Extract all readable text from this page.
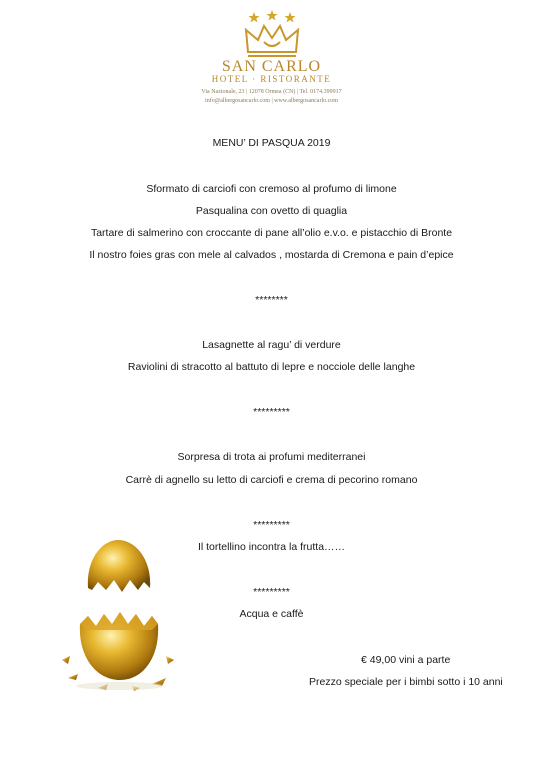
SAN CARLO
HOTEL · RISTORANTE
Via Nazionale, 23 | 12078 Ormea (CN) | Tel. 0174.399917
info@albergosancarlo.com | www.albergosancarlo.com
MENU’ DI PASQUA 2019
Sformato di carciofi con cremoso al profumo di limone
Pasqualina con ovetto di quaglia
Tartare di salmerino con croccante di pane all’olio e.v.o. e pistacchio di Bronte
Il nostro foies gras con mele al calvados , mostarda di Cremona e pain d’epice
********
Lasagnette al ragu’ di verdure
Raviolini di stracotto al battuto di lepre e nocciole delle langhe
*********
Sorpresa di trota ai profumi mediterranei
Carrè di agnello su letto di carciofi e crema di pecorino romano
*********
Il tortellino incontra la frutta……
*********
Acqua e caffè
€ 49,00 vini a parte
Prezzo speciale per i bimbi sotto i 10 anni
